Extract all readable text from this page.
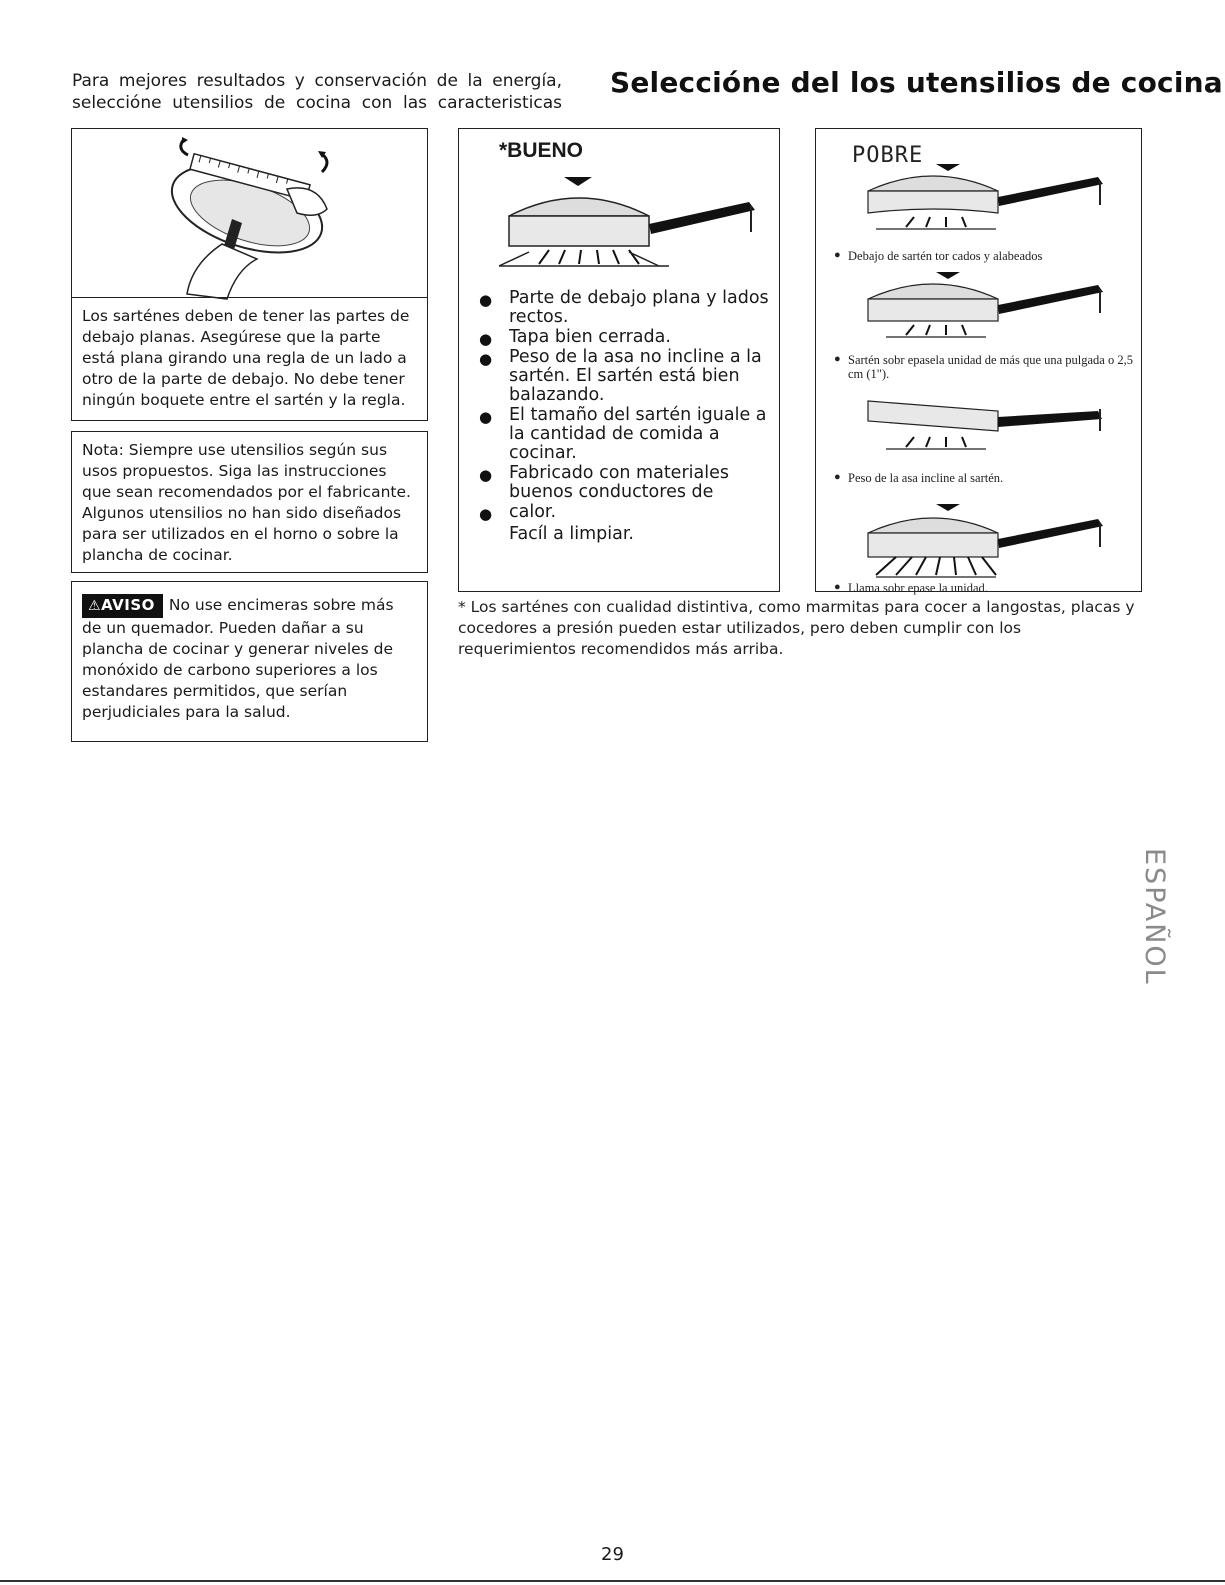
Para mejores resultados y conservación de la energía, seleccióne utensilios de cocina con las caracteristicas

Seleccióne del los utensilios de cocina

Los sarténes deben de tener las partes de debajo planas. Asegúrese que la parte está plana girando una regla de un lado a otro de la parte de debajo. No debe tener ningún boquete entre el sartén y la regla.

Nota: Siempre use utensilios según sus usos propuestos. Siga las instrucciones que sean recomendados por el fabricante. Algunos utensilios no han sido diseñados para ser utilizados en el horno o sobre la plancha de cocinar.

⚠AVISO No use encimeras sobre más de un quemador. Pueden dañar a su plancha de cocinar y generar niveles de monóxido de carbono superiores a los estandares permitidos, que serían perjudiciales para la salud.

*BUENO
● Parte de debajo plana y lados rectos.
● Tapa bien cerrada.
● Peso de la asa no incline a la sartén. El sartén está bien balazando.
● El tamaño del sartén iguale a la cantidad de comida a cocinar.
● Fabricado con materiales buenos conductores de
● calor.
Facíl a limpiar.
POBRE
● Debajo de sartén tor cados y alabeados
● Sartén sobr epasela unidad de más que una pulgada o 2,5 cm (1").
● Peso de la asa incline al sartén.
● Llama sobr epase la unidad.

* Los sarténes con cualidad distintiva, como marmitas para cocer a langostas, placas y cocedores a presión pueden estar utilizados, pero deben cumplir con los requerimientos recomendidos más arriba.

ESPAÑOL

29
